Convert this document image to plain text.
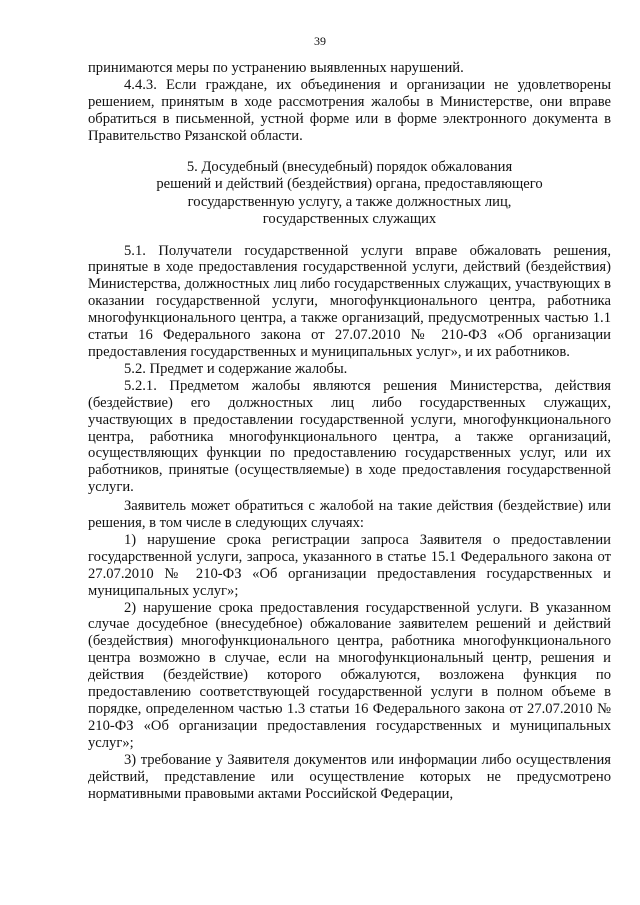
39

принимаются меры по устранению выявленных нарушений.

4.4.3. Если граждане, их объединения и организации не удовлетворены решением, принятым в ходе рассмотрения жалобы в Министерстве, они вправе обратиться в письменной, устной форме или в форме электронного документа в Правительство Рязанской области.

5. Досудебный (внесудебный) порядок обжалования
решений и действий (бездействия) органа, предоставляющего
государственную услугу, а также должностных лиц,
государственных служащих

5.1. Получатели государственной услуги вправе обжаловать решения, принятые в ходе предоставления государственной услуги, действий (бездействия) Министерства, должностных лиц либо государственных служащих, участвующих в оказании государственной услуги, многофункционального центра, работника многофункционального центра, а также организаций, предусмотренных частью 1.1 статьи 16 Федерального закона от 27.07.2010 № 210-ФЗ «Об организации предоставления государственных и муниципальных услуг», и их работников.

5.2. Предмет и содержание жалобы.

5.2.1. Предметом жалобы являются решения Министерства, действия (бездействие) его должностных лиц либо государственных служащих, участвующих в предоставлении государственной услуги, многофункционального центра, работника многофункционального центра, а также организаций, осуществляющих функции по предоставлению государственных услуг, или их работников, принятые (осуществляемые) в ходе предоставления государственной услуги.

Заявитель может обратиться с жалобой на такие действия (бездействие) или решения, в том числе в следующих случаях:

1) нарушение срока регистрации запроса Заявителя о предоставлении государственной услуги, запроса, указанного в статье 15.1 Федерального закона от 27.07.2010 № 210-ФЗ «Об организации предоставления государственных и муниципальных услуг»;

2) нарушение срока предоставления государственной услуги. В указанном случае досудебное (внесудебное) обжалование заявителем решений и действий (бездействия) многофункционального центра, работника многофункционального центра возможно в случае, если на многофункциональный центр, решения и действия (бездействие) которого обжалуются, возложена функция по предоставлению соответствующей государственной услуги в полном объеме в порядке, определенном частью 1.3 статьи 16 Федерального закона от 27.07.2010 № 210-ФЗ «Об организации предоставления государственных и муниципальных услуг»;

3) требование у Заявителя документов или информации либо осуществления действий, представление или осуществление которых не предусмотрено нормативными правовыми актами Российской Федерации,
